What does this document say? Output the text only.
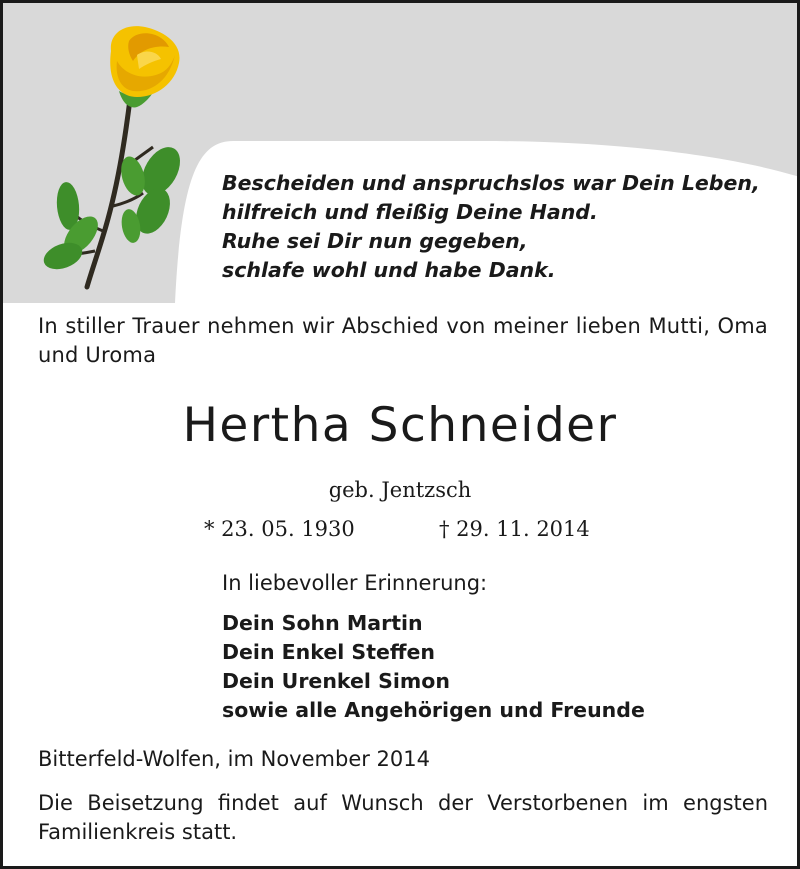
Bescheiden und anspruchslos war Dein Leben,
hilfreich und fleißig Deine Hand.
Ruhe sei Dir nun gegeben,
schlafe wohl und habe Dank.
In stiller Trauer nehmen wir Abschied von meiner lieben Mutti, Oma und Uroma
Hertha Schneider
geb. Jentzsch
* 23. 05. 1930	† 29. 11. 2014
In liebevoller Erinnerung:
Dein Sohn Martin
Dein Enkel Steffen
Dein Urenkel Simon
sowie alle Angehörigen und Freunde
Bitterfeld-Wolfen, im November 2014
Die Beisetzung findet auf Wunsch der Verstorbenen im engsten Familienkreis statt.
